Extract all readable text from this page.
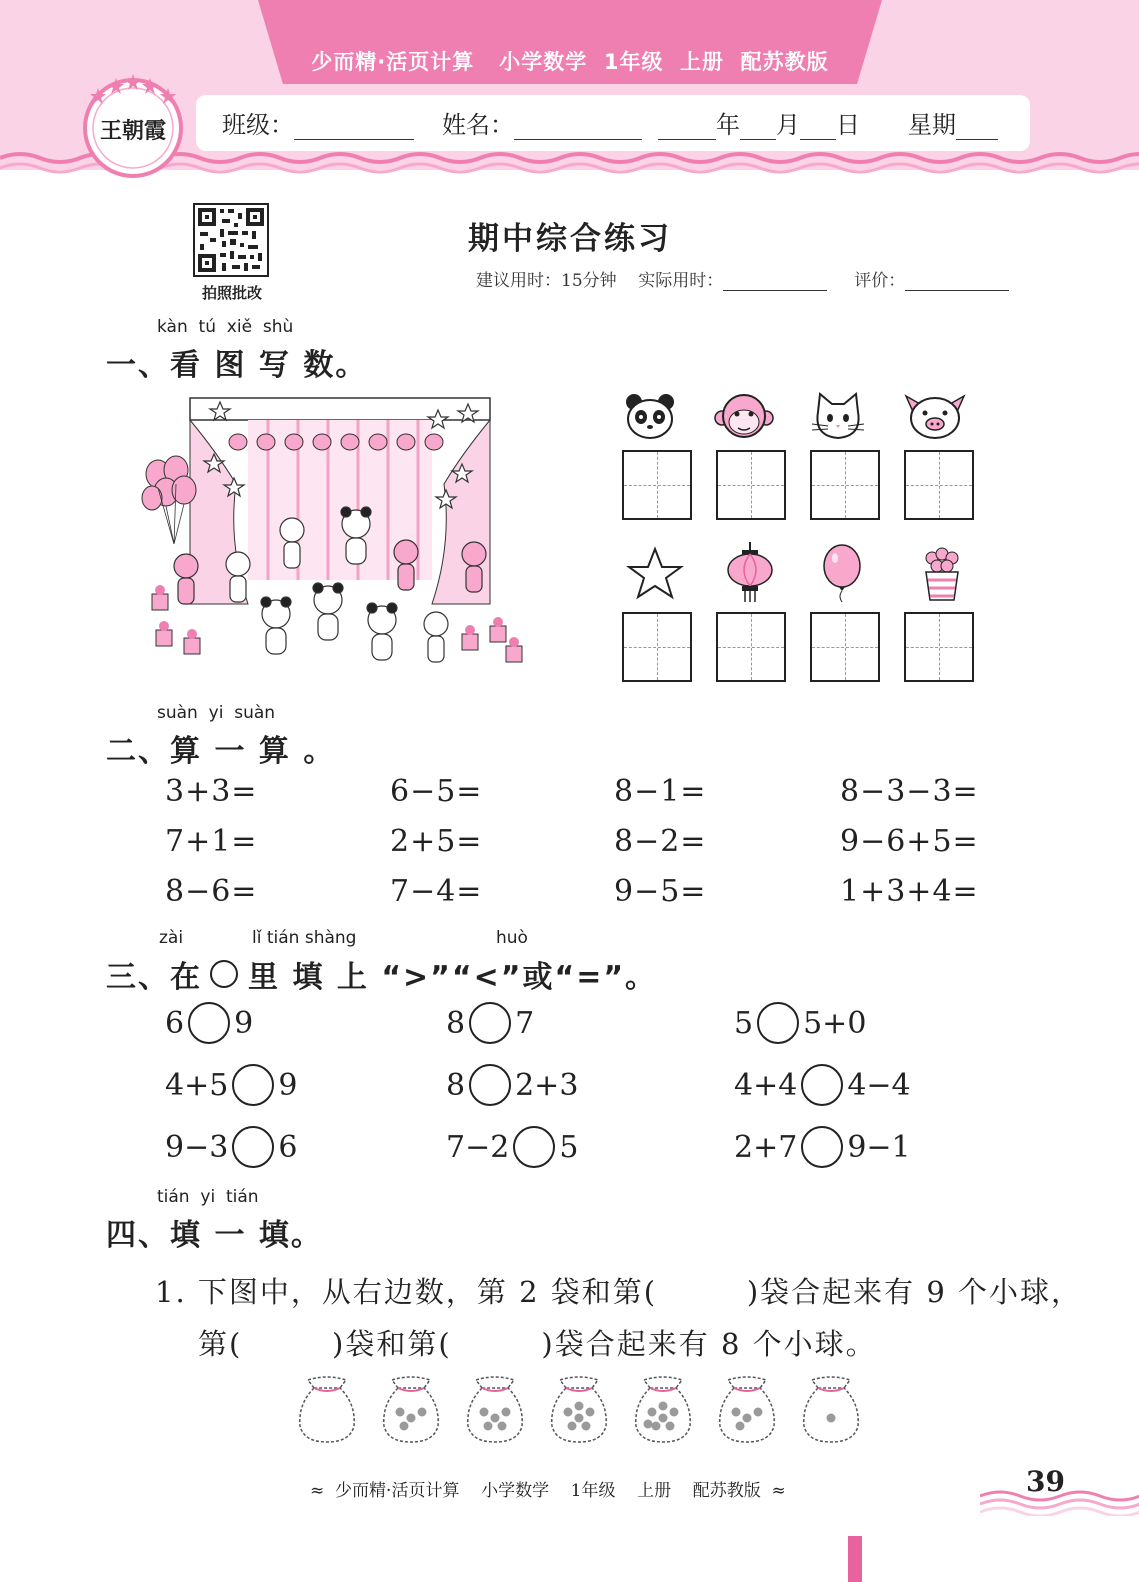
少而精·活页计算   小学数学  1年级  上册  配苏教版
班级：	姓名：	年 月 日 星期
王朝霞
拍照批改
期中综合练习
建议用时：15分钟 实际用时：	评价：
kàn  tú  xiě  shù
一、看 图 写 数。
suàn  yi  suàn
二、算 一 算 。
3+3=	6−5=	8−1=	8−3−3=
7+1=	2+5=	8−2=	9−6+5=
8−6=	7−4=	9−5=	1+3+4=
zài	lǐ tián shàng	huò
三、在 里 填 上 “>”“<”或“=”。
6 9	8 7	5 5+0
4+5 9	8 2+3	4+4 4−4
9−3 6	7−2 5	2+7 9−1
tián  yi  tián
四、填 一 填。
1. 下图中，从右边数，第 2 袋和第(        )袋合起来有 9 个小球，
第(        )袋和第(        )袋合起来有 8 个小球。
≈  少而精·活页计算    小学数学    1年级    上册    配苏教版  ≈	39
